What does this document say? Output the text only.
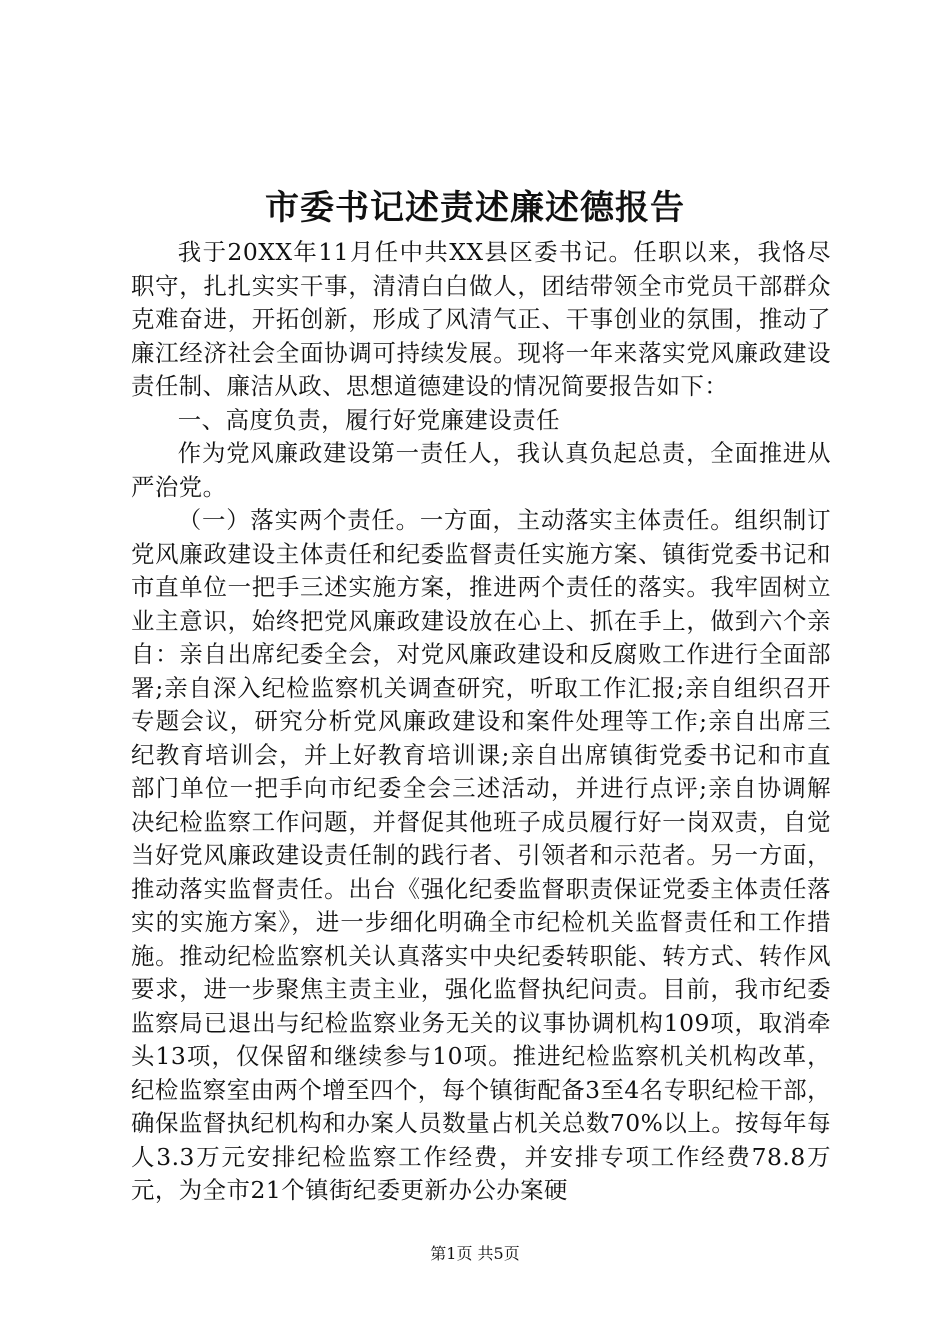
市委书记述责述廉述德报告

我于20XX年11月任中共XX县区委书记。任职以来，我恪尽职守，扎扎实实干事，清清白白做人，团结带领全市党员干部群众克难奋进，开拓创新，形成了风清气正、干事创业的氛围，推动了廉江经济社会全面协调可持续发展。现将一年来落实党风廉政建设责任制、廉洁从政、思想道德建设的情况简要报告如下：

一、高度负责，履行好党廉建设责任

作为党风廉政建设第一责任人，我认真负起总责，全面推进从严治党。

（一）落实两个责任。一方面，主动落实主体责任。组织制订党风廉政建设主体责任和纪委监督责任实施方案、镇街党委书记和市直单位一把手三述实施方案，推进两个责任的落实。我牢固树立业主意识，始终把党风廉政建设放在心上、抓在手上，做到六个亲自：亲自出席纪委全会，对党风廉政建设和反腐败工作进行全面部署;亲自深入纪检监察机关调查研究，听取工作汇报;亲自组织召开专题会议，研究分析党风廉政建设和案件处理等工作;亲自出席三纪教育培训会，并上好教育培训课;亲自出席镇街党委书记和市直部门单位一把手向市纪委全会三述活动，并进行点评;亲自协调解决纪检监察工作问题，并督促其他班子成员履行好一岗双责，自觉当好党风廉政建设责任制的践行者、引领者和示范者。另一方面，推动落实监督责任。出台《强化纪委监督职责保证党委主体责任落实的实施方案》，进一步细化明确全市纪检机关监督责任和工作措施。推动纪检监察机关认真落实中央纪委转职能、转方式、转作风要求，进一步聚焦主责主业，强化监督执纪问责。目前，我市纪委监察局已退出与纪检监察业务无关的议事协调机构109项，取消牵头13项，仅保留和继续参与10项。推进纪检监察机关机构改革，纪检监察室由两个增至四个，每个镇街配备3至4名专职纪检干部，确保监督执纪机构和办案人员数量占机关总数70%以上。按每年每人3.3万元安排纪检监察工作经费，并安排专项工作经费78.8万元，为全市21个镇街纪委更新办公办案硬

第1页 共5页
